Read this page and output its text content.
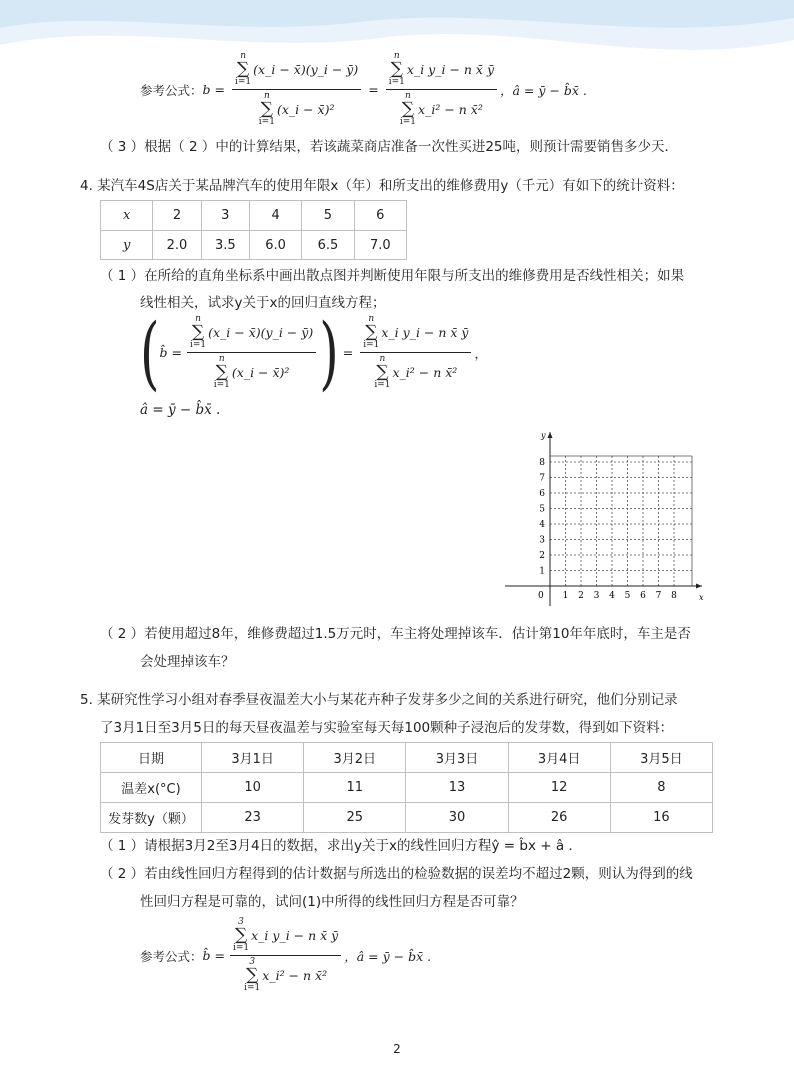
参考公式： b = n
∑
i=1
(x_i − x̄)(y_i − ȳ)
n
∑
i=1
(x_i − x̄)² = n
∑
i=1
x_i y_i − n x̄ ȳ
n
∑
i=1
x_i² − n x̄² ，â = ȳ − b̂x̄ .
（ 3 ）根据（ 2 ）中的计算结果，若该蔬菜商店准备一次性买进25吨，则预计需要销售多少天．
4. 某汽车4S店关于某品牌汽车的使用年限x（年）和所支出的维修费用y（千元）有如下的统计资料：
x	2	3	4	5	6
y	2.0	3.5	6.0	6.5	7.0
（ 1 ）在所给的直角坐标系中画出散点图并判断使用年限与所支出的维修费用是否线性相关；如果
线性相关，试求y关于x的回归直线方程；
( b̂ = n
∑
i=1
(x_i − x̄)(y_i − ȳ)
n
∑
i=1
(x_i − x̄)² ) = n
∑
i=1
x_i y_i − n x̄ ȳ
n
∑
i=1
x_i² − n x̄² ，
â = ȳ − b̂x̄ .
1 2 3 4 5 6 7 8
1
2
3
4
5
6
7
8
0
y
x
（ 2 ）若使用超过8年，维修费超过1.5万元时，车主将处理掉该车．估计第10年年底时，车主是否
会处理掉该车？
5. 某研究性学习小组对春季昼夜温差大小与某花卉种子发芽多少之间的关系进行研究，他们分别记录
了3月1日至3月5日的每天昼夜温差与实验室每天每100颗种子浸泡后的发芽数，得到如下资料：
日期	3月1日	3月2日	3月3日	3月4日	3月5日
温差x(°C)	10	11	13	12	8
发芽数y（颗）	23	25	30	26	16
（ 1 ）请根据3月2至3月4日的数据，求出y关于x的线性回归方程ŷ = b̂x + â .
（ 2 ）若由线性回归方程得到的估计数据与所选出的检验数据的误差均不超过2颗，则认为得到的线
性回归方程是可靠的，试问(1)中所得的线性回归方程是否可靠？
参考公式： b̂ = 3
∑
i=1
x_i y_i − n x̄ ȳ
3
∑
i=1
x_i² − n x̄² ，â = ȳ − b̂x̄ .
2
